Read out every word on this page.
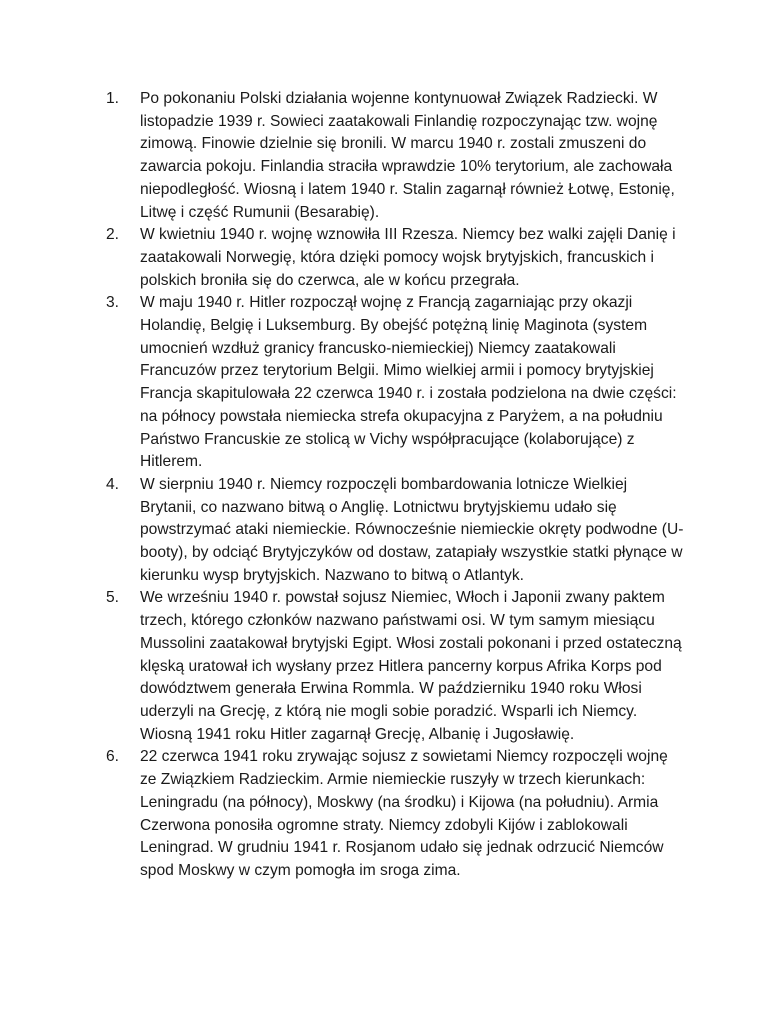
1.	Po pokonaniu Polski działania wojenne kontynuował Związek Radziecki. W listopadzie 1939 r. Sowieci zaatakowali Finlandię rozpoczynając tzw. wojnę zimową. Finowie dzielnie się bronili. W marcu 1940 r. zostali zmuszeni do zawarcia pokoju. Finlandia straciła wprawdzie 10% terytorium, ale zachowała niepodległość. Wiosną i latem 1940 r. Stalin zagarnął również Łotwę, Estonię, Litwę i część Rumunii (Besarabię).

2.	W kwietniu 1940 r. wojnę wznowiła III Rzesza. Niemcy bez walki zajęli Danię i zaatakowali Norwegię, która dzięki pomocy wojsk brytyjskich, francuskich i polskich broniła się do czerwca, ale w końcu przegrała.

3.	W maju 1940 r. Hitler rozpoczął wojnę z Francją zagarniając przy okazji Holandię, Belgię i Luksemburg. By obejść potężną linię Maginota (system umocnień wzdłuż granicy francusko-niemieckiej) Niemcy zaatakowali Francuzów przez terytorium Belgii. Mimo wielkiej armii i pomocy brytyjskiej Francja skapitulowała 22 czerwca 1940 r. i została podzielona na dwie części: na północy powstała niemiecka strefa okupacyjna z Paryżem, a na południu Państwo Francuskie ze stolicą w Vichy współpracujące (kolaborujące) z Hitlerem.

4.	W sierpniu 1940 r. Niemcy rozpoczęli bombardowania lotnicze Wielkiej Brytanii, co nazwano bitwą o Anglię. Lotnictwu brytyjskiemu udało się powstrzymać ataki niemieckie. Równocześnie niemieckie okręty podwodne (U-booty), by odciąć Brytyjczyków od dostaw, zatapiały wszystkie statki płynące w kierunku wysp brytyjskich. Nazwano to bitwą o Atlantyk.

5.	We wrześniu 1940 r. powstał sojusz Niemiec, Włoch i Japonii zwany paktem trzech, którego członków nazwano państwami osi. W tym samym miesiącu Mussolini zaatakował brytyjski Egipt. Włosi zostali pokonani i przed ostateczną klęską uratował ich wysłany przez Hitlera pancerny korpus Afrika Korps pod dowództwem generała Erwina Rommla. W październiku 1940 roku Włosi uderzyli na Grecję, z którą nie mogli sobie poradzić. Wsparli ich Niemcy. Wiosną 1941 roku Hitler zagarnął Grecję, Albanię i Jugosławię.

6.	22 czerwca 1941 roku zrywając sojusz z sowietami Niemcy rozpoczęli wojnę ze Związkiem Radzieckim. Armie niemieckie ruszyły w trzech kierunkach: Leningradu (na północy), Moskwy (na środku) i Kijowa (na południu). Armia Czerwona ponosiła ogromne straty. Niemcy zdobyli Kijów i zablokowali Leningrad. W grudniu 1941 r. Rosjanom udało się jednak odrzucić Niemców spod Moskwy w czym pomogła im sroga zima.
